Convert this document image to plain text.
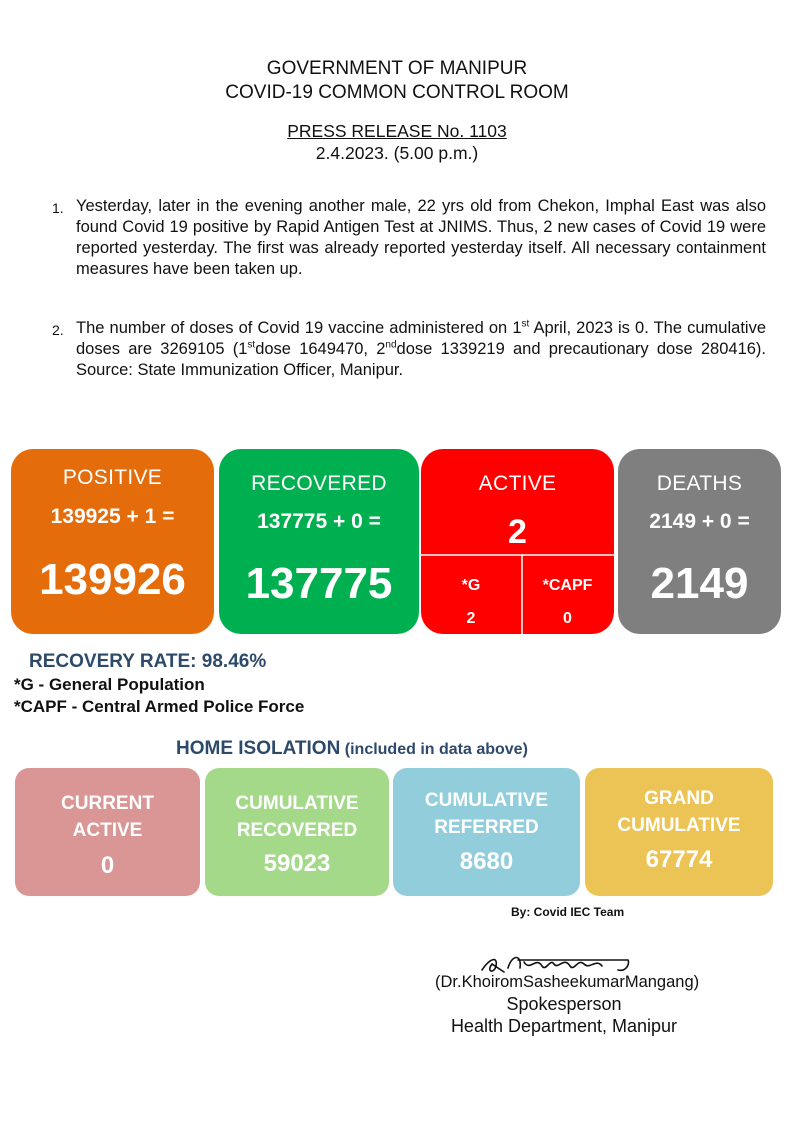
GOVERNMENT OF MANIPUR
COVID-19 COMMON CONTROL ROOM
PRESS RELEASE No. 1103
2.4.2023. (5.00 p.m.)
1. Yesterday, later in the evening another male, 22 yrs old from Chekon, Imphal East was also found Covid 19 positive by Rapid Antigen Test at JNIMS. Thus, 2 new cases of Covid 19 were reported yesterday. The first was already reported yesterday itself. All necessary containment measures have been taken up.
2. The number of doses of Covid 19 vaccine administered on 1st April, 2023 is 0. The cumulative doses are 3269105 (1stdose 1649470, 2nddose 1339219 and precautionary dose 280416). Source: State Immunization Officer, Manipur.
POSITIVE
139925 + 1 =
139926
RECOVERED
137775 + 0 =
137775
ACTIVE
2
*G
2
*CAPF
0
DEATHS
2149 + 0 =
2149
RECOVERY RATE: 98.46%
*G - General Population
*CAPF - Central Armed Police Force
HOME ISOLATION (included in data above)
CURRENT
ACTIVE
0
CUMULATIVE
RECOVERED
59023
CUMULATIVE
REFERRED
8680
GRAND
CUMULATIVE
67774
By: Covid IEC Team
(Dr.KhoiromSasheekumarMangang)
Spokesperson
Health Department, Manipur
